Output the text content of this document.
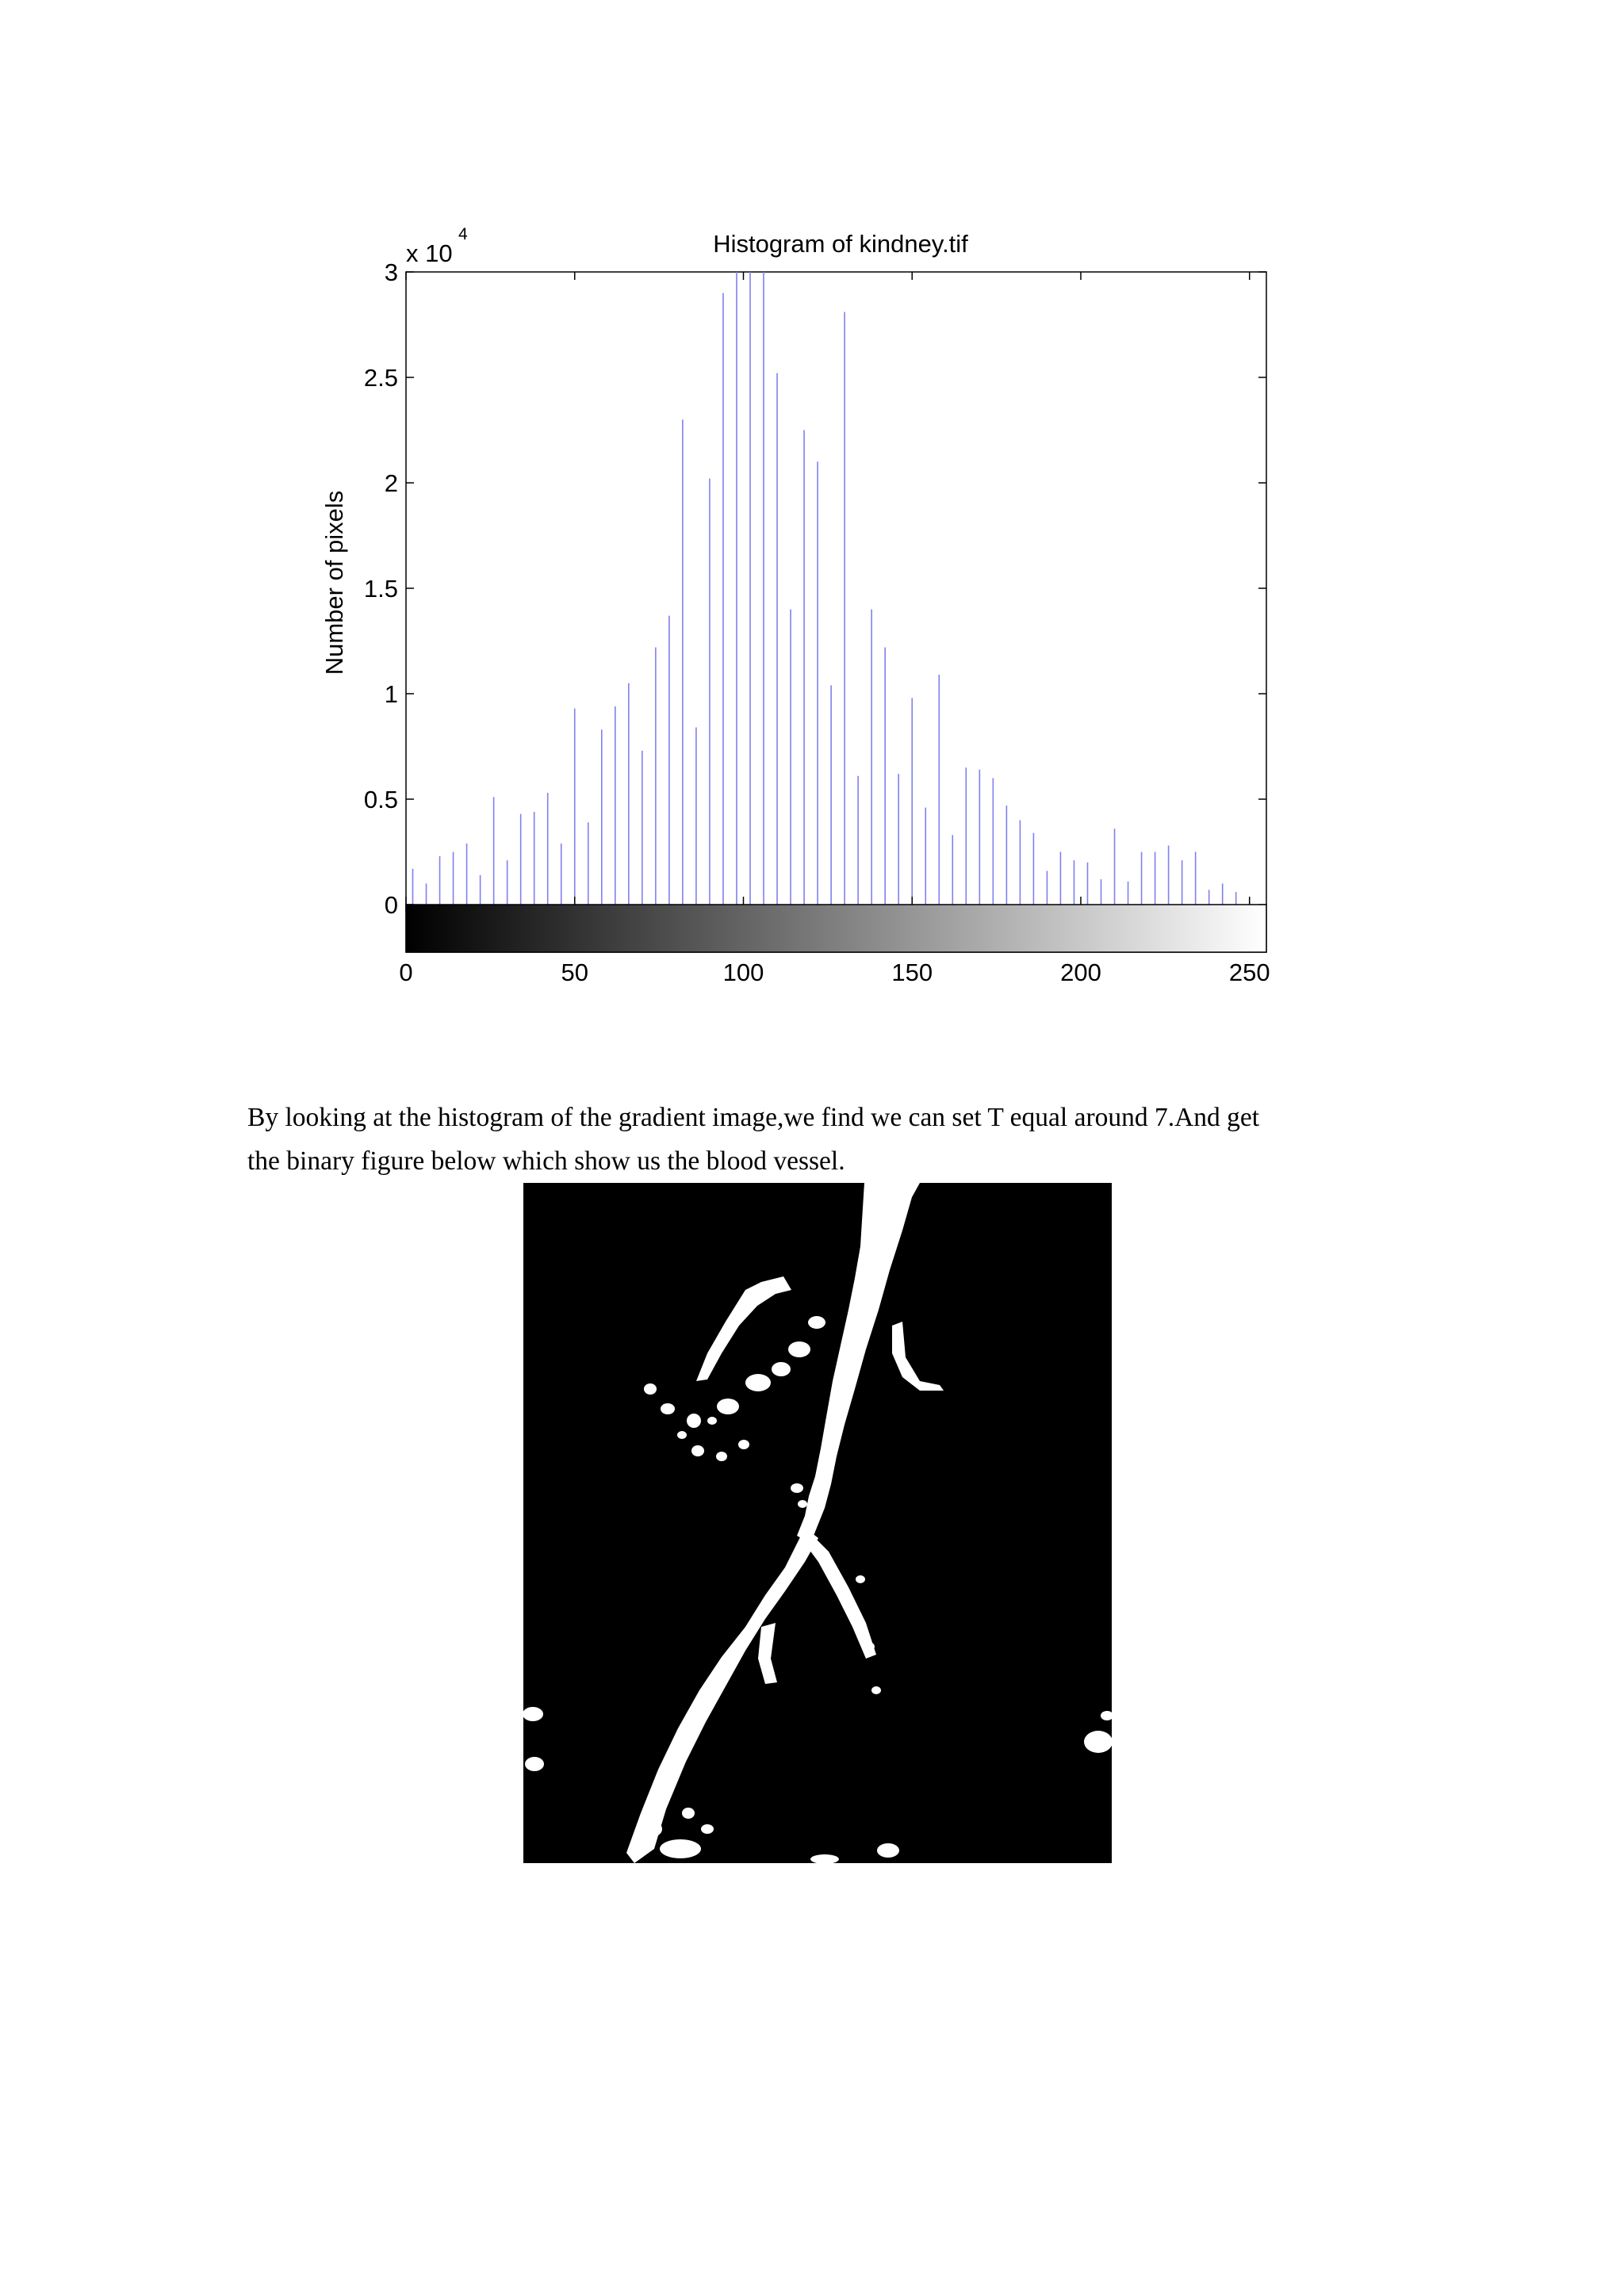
Histogram of kindney.tif
x 10
4
Number of pixels
0
0.5
1
1.5
2
2.5
3
0	50	100	150	200	250

By looking at the histogram of the gradient image,we find we can set T equal around 7.And get
the binary figure below which show us the blood vessel.
